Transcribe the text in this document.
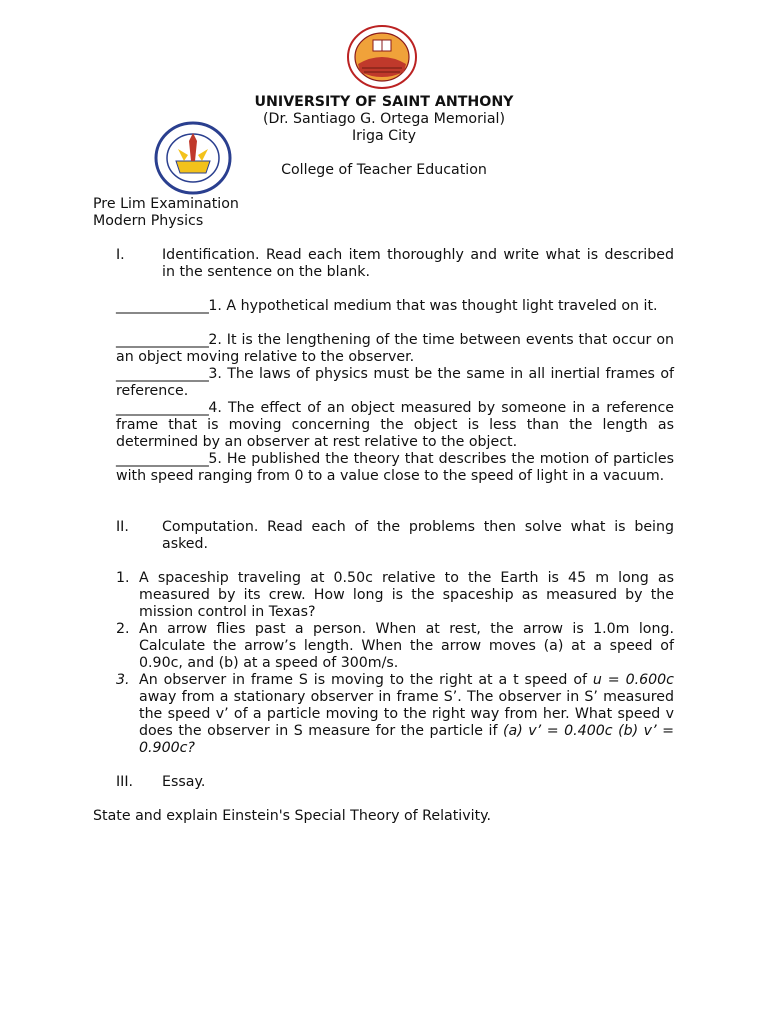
UNIVERSITY OF SAINT ANTHONY
(Dr. Santiago G. Ortega Memorial)
Iriga City
College of Teacher Education
Pre Lim Examination
Modern Physics
I.	Identification. Read each item thoroughly and write what is described in the sentence on the blank.
______________1. A hypothetical medium that was thought light traveled on it.
______________2. It is the lengthening of the time between events that occur on an object moving relative to the observer.
______________3. The laws of physics must be the same in all inertial frames of reference.
______________4. The effect of an object measured by someone in a reference frame that is moving concerning the object is less than the length as determined by an observer at rest relative to the object.
______________5. He published the theory that describes the motion of particles with speed ranging from 0 to a value close to the speed of light in a vacuum.
II. Computation. Read each of the problems then solve what is being asked.
1. A spaceship traveling at 0.50c relative to the Earth is 45 m long as measured by its crew. How long is the spaceship as measured by the mission control in Texas?
2. An arrow flies past a person. When at rest, the arrow is 1.0m long. Calculate the arrow’s length. When the arrow moves (a) at a speed of 0.90c, and (b) at a speed of 300m/s.
3. An observer in frame S is moving to the right at a t speed of u = 0.600c away from a stationary observer in frame S’. The observer in S’ measured the speed v’ of a particle moving to the right way from her. What speed v does the observer in S measure for the particle if (a) v’ = 0.400c (b) v’ = 0.900c?
III. Essay.
State and explain Einstein's Special Theory of Relativity.
